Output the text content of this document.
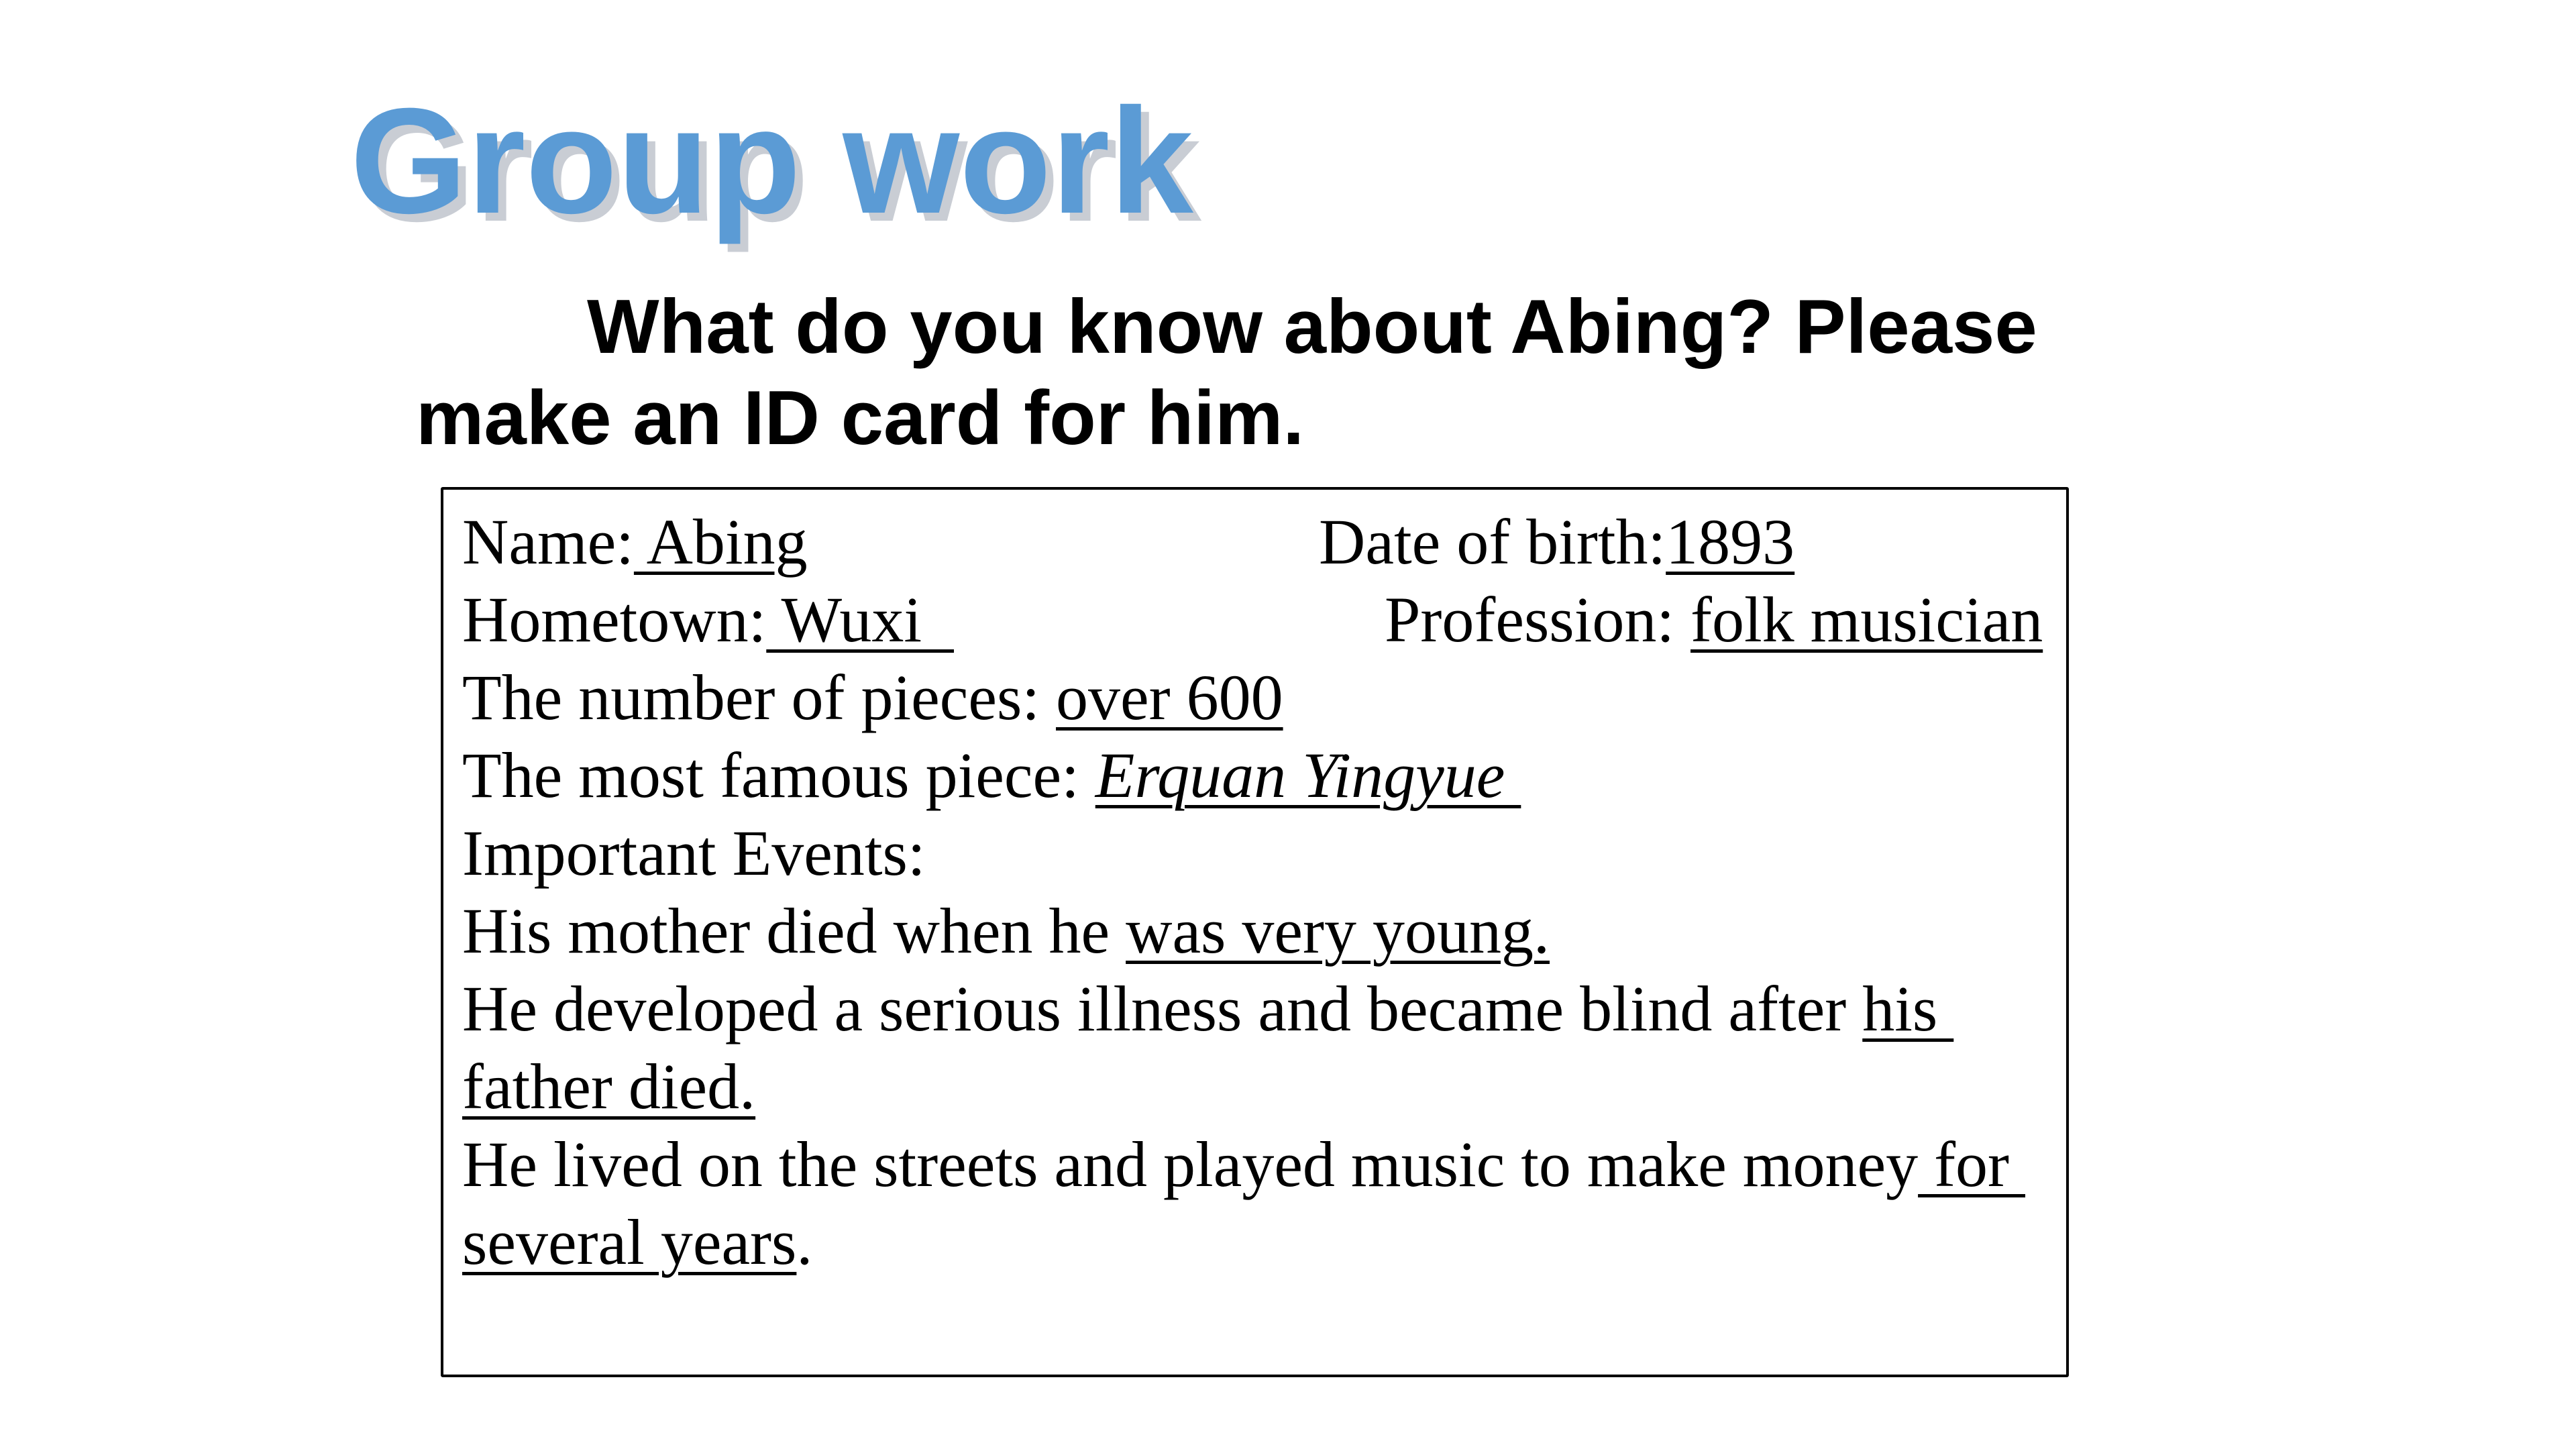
Group work

What do you know about Abing? Please make an ID card for him.

Name: Abing	Date of birth:1893
Hometown: Wuxi	Profession: folk musician
The number of pieces: over 600
The most famous piece: Erquan Yingyue
Important Events:
His mother died when he was very young.
He developed a serious illness and became blind after his
father died.
He lived on the streets and played music to make money for
several years.
